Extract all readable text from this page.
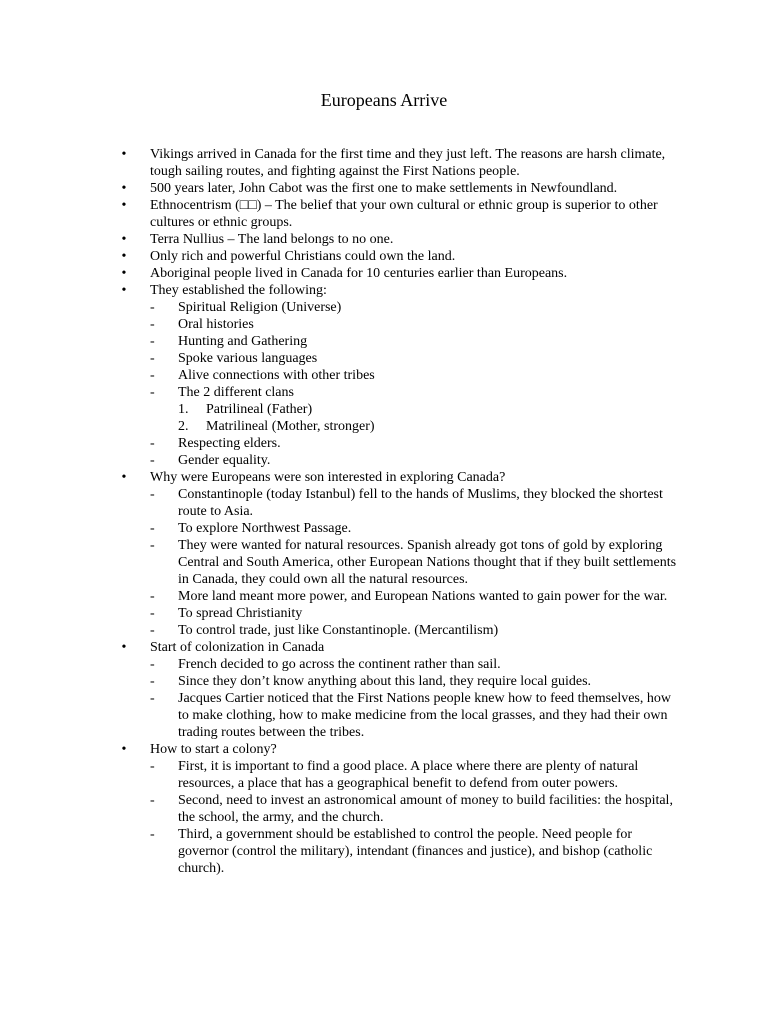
Europeans Arrive
• Vikings arrived in Canada for the first time and they just left. The reasons are harsh climate, tough sailing routes, and fighting against the First Nations people.
• 500 years later, John Cabot was the first one to make settlements in Newfoundland.
• Ethnocentrism (□□) – The belief that your own cultural or ethnic group is superior to other cultures or ethnic groups.
• Terra Nullius – The land belongs to no one.
• Only rich and powerful Christians could own the land.
• Aboriginal people lived in Canada for 10 centuries earlier than Europeans.
• They established the following:
-	Spiritual Religion (Universe)
-	Oral histories
-	Hunting and Gathering
-	Spoke various languages
-	Alive connections with other tribes
-	The 2 different clans
1. Patrilineal (Father)
2. Matrilineal (Mother, stronger)
-	Respecting elders.
-	Gender equality.
• Why were Europeans were son interested in exploring Canada?
-	Constantinople (today Istanbul) fell to the hands of Muslims, they blocked the shortest route to Asia.
-	To explore Northwest Passage.
-	They were wanted for natural resources. Spanish already got tons of gold by exploring Central and South America, other European Nations thought that if they built settlements in Canada, they could own all the natural resources.
-	More land meant more power, and European Nations wanted to gain power for the war.
-	To spread Christianity
-	To control trade, just like Constantinople. (Mercantilism)
• Start of colonization in Canada
-	French decided to go across the continent rather than sail.
-	Since they don’t know anything about this land, they require local guides.
-	Jacques Cartier noticed that the First Nations people knew how to feed themselves, how to make clothing, how to make medicine from the local grasses, and they had their own trading routes between the tribes.
• How to start a colony?
-	First, it is important to find a good place. A place where there are plenty of natural resources, a place that has a geographical benefit to defend from outer powers.
-	Second, need to invest an astronomical amount of money to build facilities: the hospital, the school, the army, and the church.
-	Third, a government should be established to control the people. Need people for governor (control the military), intendant (finances and justice), and bishop (catholic church).
